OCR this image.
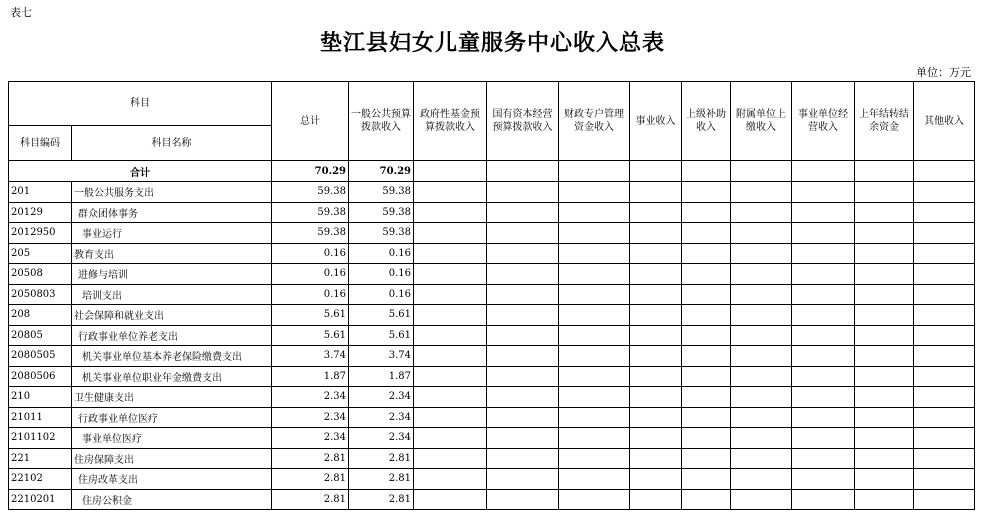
表七
垫江县妇女儿童服务中心收入总表
单位：万元
科目		总计	一般公共预算拨款收入	政府性基金预算拨款收入	国有资本经营预算拨款收入	财政专户管理资金收入	事业收入	上级补助收入	附属单位上缴收入	事业单位经营收入	上年结转结余资金	其他收入
科目编码	科目名称											
合计		70.29	70.29									
201	一般公共服务支出	59.38	59.38									
20129	群众团体事务	59.38	59.38									
2012950	事业运行	59.38	59.38									
205	教育支出	0.16	0.16									
20508	进修与培训	0.16	0.16									
2050803	培训支出	0.16	0.16									
208	社会保障和就业支出	5.61	5.61									
20805	行政事业单位养老支出	5.61	5.61									
2080505	机关事业单位基本养老保险缴费支出	3.74	3.74									
2080506	机关事业单位职业年金缴费支出	1.87	1.87									
210	卫生健康支出	2.34	2.34									
21011	行政事业单位医疗	2.34	2.34									
2101102	事业单位医疗	2.34	2.34									
221	住房保障支出	2.81	2.81									
22102	住房改革支出	2.81	2.81									
2210201	住房公积金	2.81	2.81									
